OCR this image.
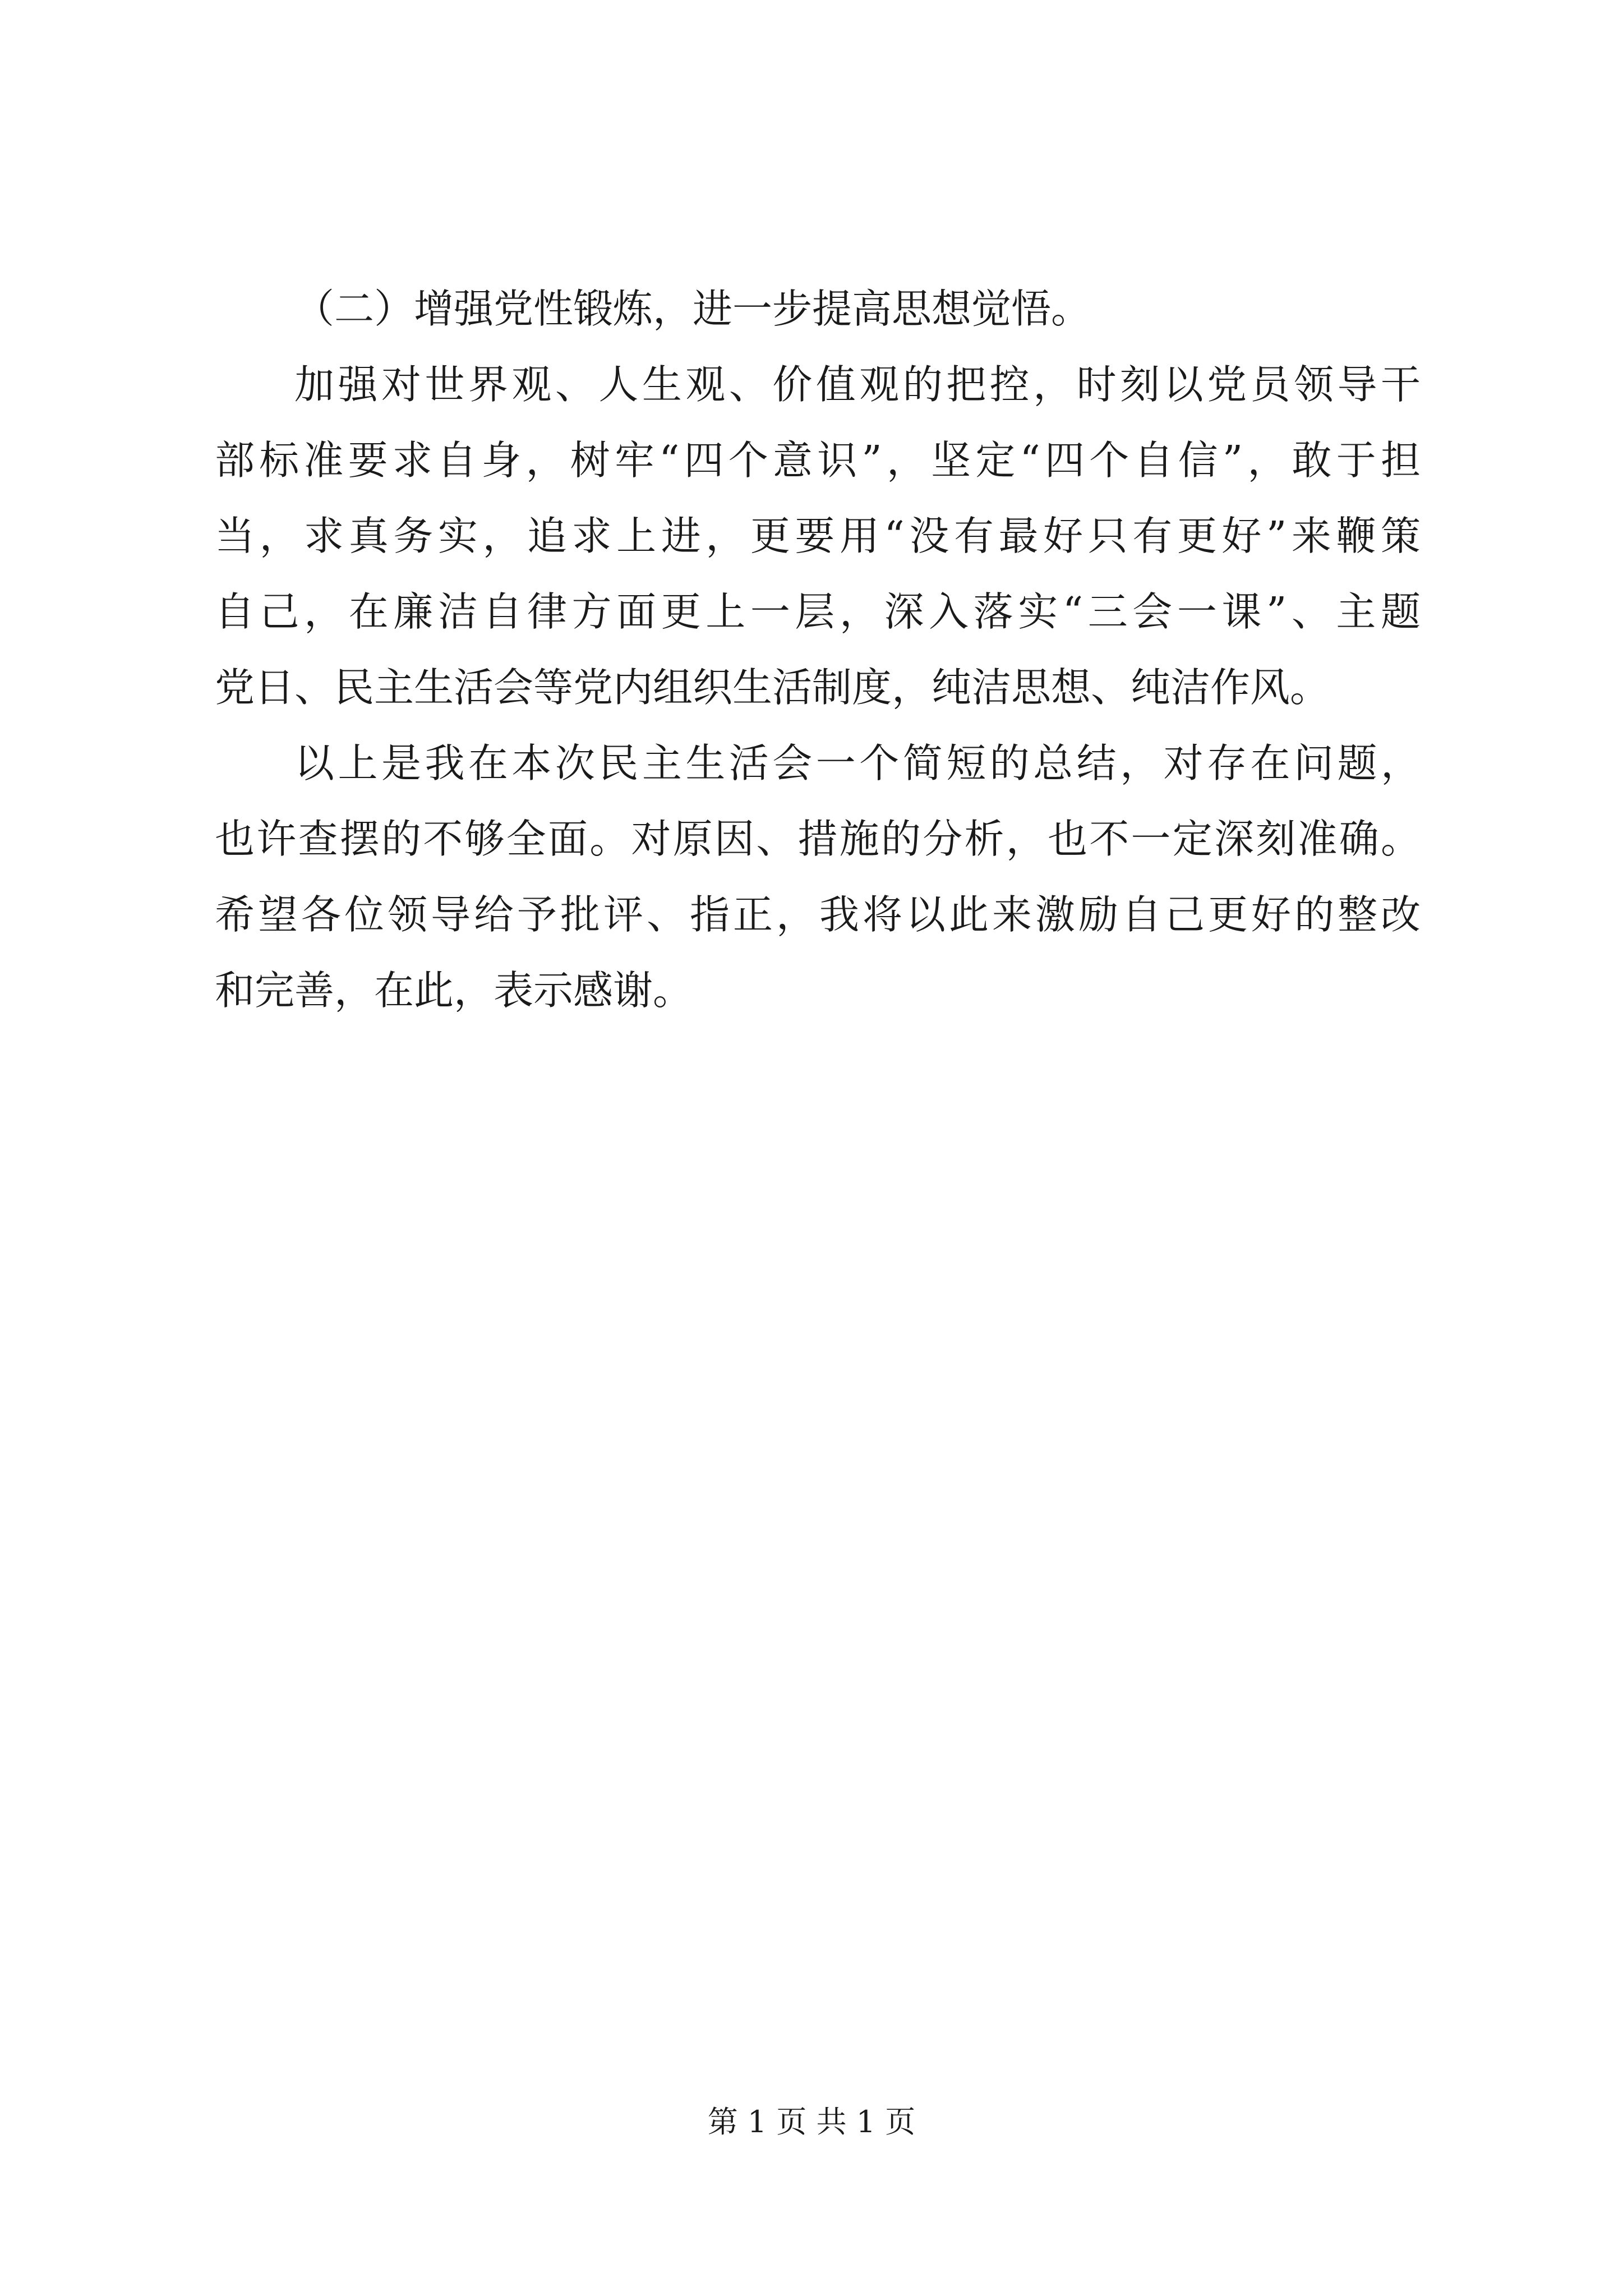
（二）增强党性锻炼，进一步提高思想觉悟。
加强对世界观、人生观、价值观的把控，时刻以党员领导干
部标准要求自身，树牢“四个意识”，坚定“四个自信”，敢于担
当，求真务实，追求上进，更要用“没有最好只有更好”来鞭策
自己，在廉洁自律方面更上一层，深入落实“三会一课”、主题
党日、民主生活会等党内组织生活制度，纯洁思想、纯洁作风。
以上是我在本次民主生活会一个简短的总结，对存在问题，
也许查摆的不够全面。对原因、措施的分析，也不一定深刻准确。
希望各位领导给予批评、指正，我将以此来激励自己更好的整改
和完善，在此，表示感谢。
第 1 页 共 1 页
